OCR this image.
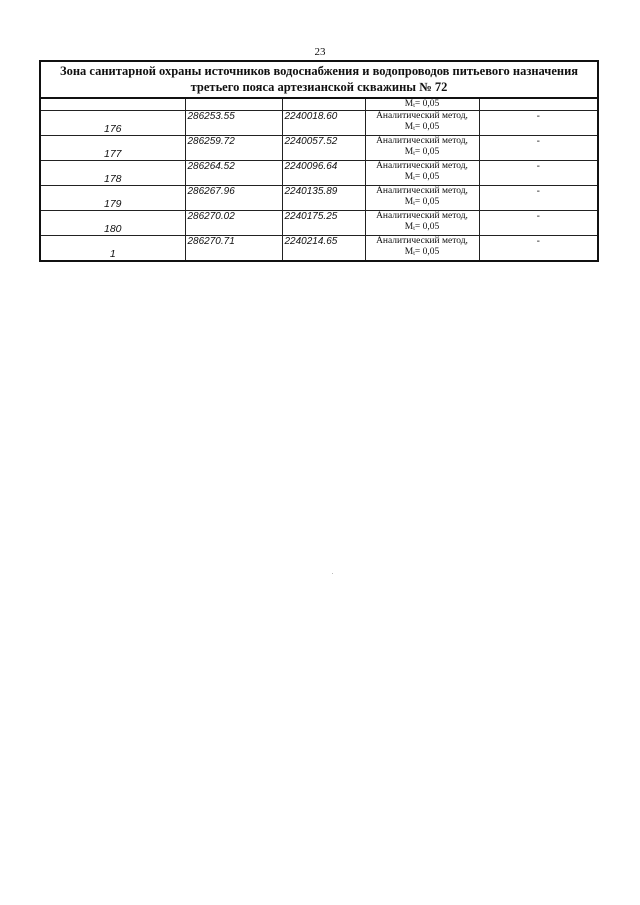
23
Зона санитарной охраны источников водоснабжения и водопроводов питьевого назначения
третьего пояса артезианской скважины № 72				
			$M_t= 0,05$	
176	286253.55	2240018.60	Аналитический метод,
$M_t= 0,05$	-
177	286259.72	2240057.52	Аналитический метод,
$M_t= 0,05$	-
178	286264.52	2240096.64	Аналитический метод,
$M_t= 0,05$	-
179	286267.96	2240135.89	Аналитический метод,
$M_t= 0,05$	-
180	286270.02	2240175.25	Аналитический метод,
$M_t= 0,05$	-
1	286270.71	2240214.65	Аналитический метод,
$M_t= 0,05$	-
